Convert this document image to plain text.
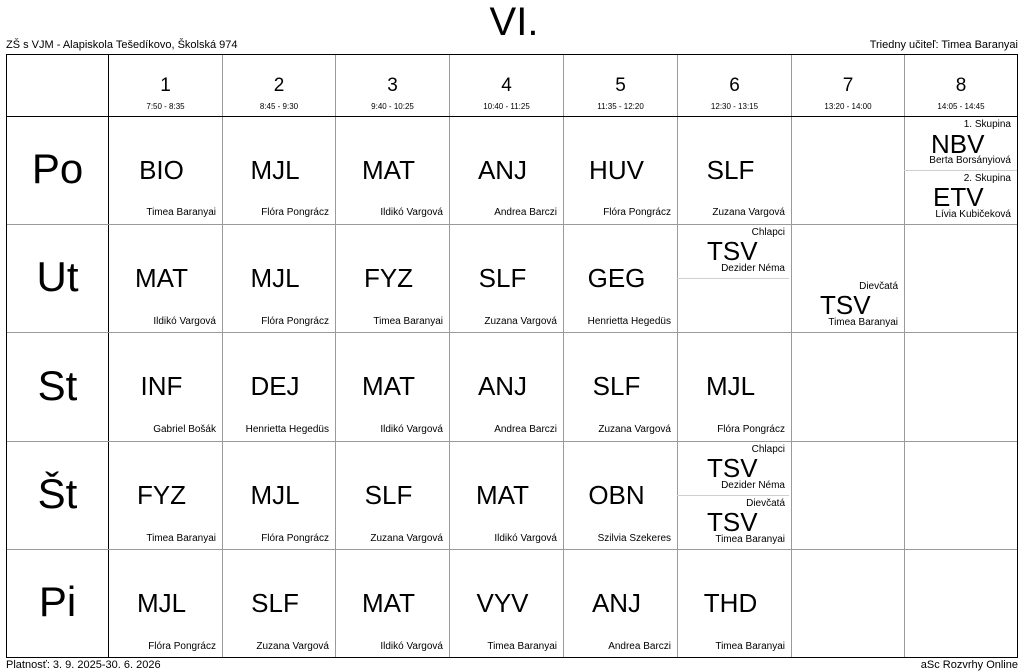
VI.
ZŠ s VJM - Alapiskola Tešedíkovo, Školská 974	Triedny učiteľ: Timea Baranyai
1
7:50 - 8:35
2
8:45 - 9:30
3
9:40 - 10:25
4
10:40 - 11:25
5
11:35 - 12:20
6
12:30 - 13:15
7
13:20 - 14:00
8
14:05 - 14:45
Po
Ut
St
Št
Pi
BIO
Timea Baranyai
MJL
Flóra Pongrácz
MAT
Ildikó Vargová
ANJ
Andrea Barczi
HUV
Flóra Pongrácz
SLF
Zuzana Vargová
1. Skupina
NBV
Berta Borsányiová
2. Skupina
ETV
Lívia Kubičeková
MAT
Ildikó Vargová
MJL
Flóra Pongrácz
FYZ
Timea Baranyai
SLF
Zuzana Vargová
GEG
Henrietta Hegedüs
Chlapci
TSV
Dezider Néma
Dievčatá
TSV
Timea Baranyai
INF
Gabriel Bošák
DEJ
Henrietta Hegedüs
MAT
Ildikó Vargová
ANJ
Andrea Barczi
SLF
Zuzana Vargová
MJL
Flóra Pongrácz
FYZ
Timea Baranyai
MJL
Flóra Pongrácz
SLF
Zuzana Vargová
MAT
Ildikó Vargová
OBN
Szilvia Szekeres
Chlapci
TSV
Dezider Néma
Dievčatá
TSV
Timea Baranyai
MJL
Flóra Pongrácz
SLF
Zuzana Vargová
MAT
Ildikó Vargová
VYV
Timea Baranyai
ANJ
Andrea Barczi
THD
Timea Baranyai
Platnosť: 3. 9. 2025-30. 6. 2026	aSc Rozvrhy Online
